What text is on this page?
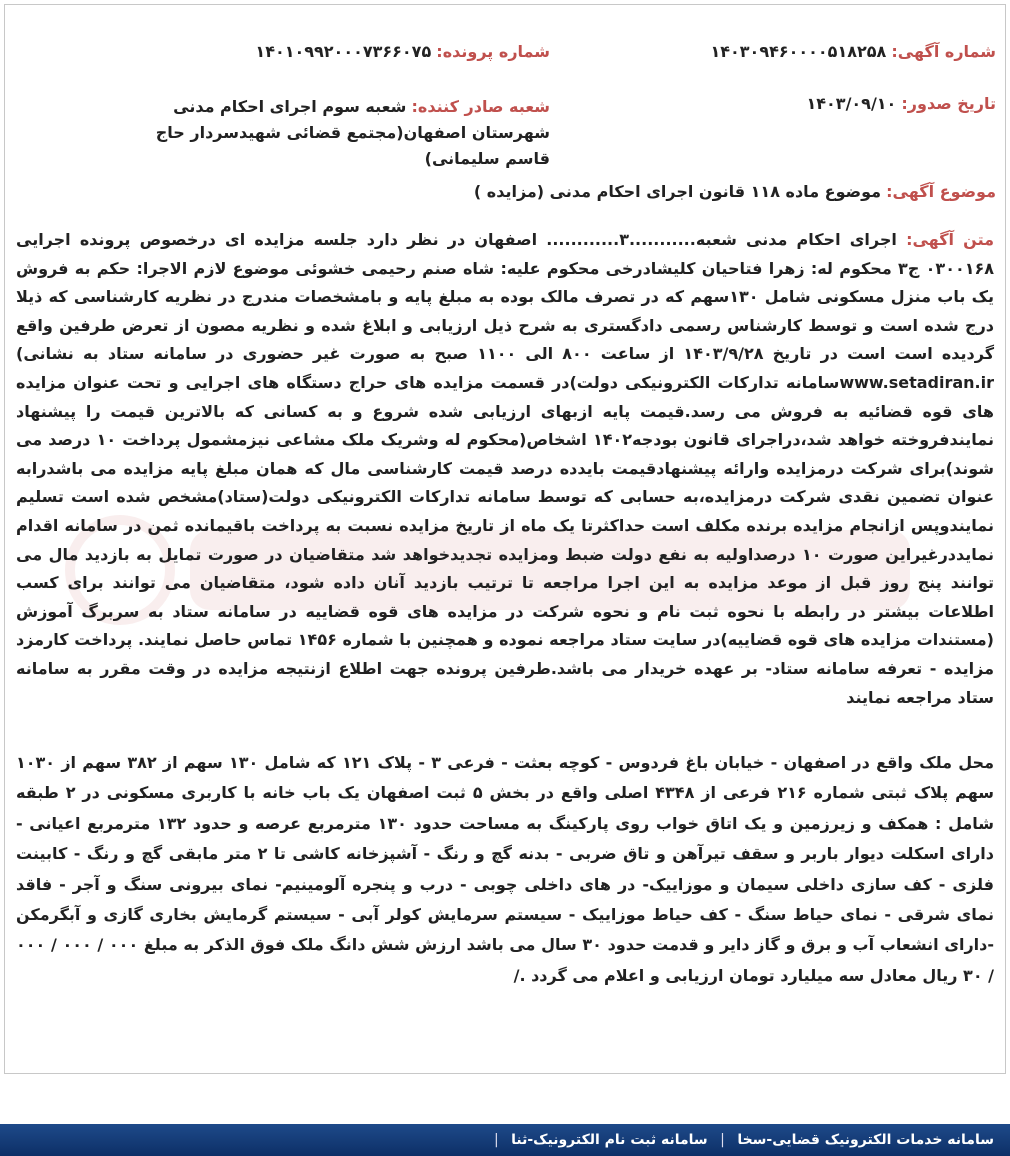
شماره آگهی: ۱۴۰۳۰۹۴۶۰۰۰۰۵۱۸۲۵۸
شماره پرونده: ۱۴۰۱۰۹۹۲۰۰۰۷۳۶۶۰۷۵
تاریخ صدور: ۱۴۰۳/۰۹/۱۰
شعبه صادر کننده: شعبه سوم اجرای احکام مدنی شهرستان اصفهان(مجتمع قضائی شهیدسردار حاج قاسم سلیمانی)
موضوع آگهی: موضوع ماده ۱۱۸ قانون اجرای احکام مدنی (مزایده )
متن آگهی: اجرای احکام مدنی شعبه...........۳............ اصفهان در نظر دارد جلسه مزایده ای درخصوص پرونده اجرایی ۰۳۰۰۱۶۸ ج۳ محکوم له: زهرا فتاحیان کلیشادرخی محکوم علیه: شاه صنم رحیمی خشوئی موضوع لازم الاجرا: حکم به فروش یک باب منزل مسکونی شامل ۱۳۰سهم که در تصرف مالک بوده به مبلغ پایه و بامشخصات مندرج در نظریه کارشناسی که ذیلا درج شده است و توسط کارشناس رسمی دادگستری به شرح ذیل ارزیابی و ابلاغ شده و نظریه مصون از تعرض طرفین واقع گردیده است است در تاریخ ۱۴۰۳/۹/۲۸ از ساعت ۸۰۰ الی ۱۱۰۰ صبح به صورت غیر حضوری در سامانه ستاد به نشانی) www.setadiran.irسامانه تدارکات الکترونیکی دولت)در قسمت مزایده های حراج دستگاه های اجرایی و تحت عنوان مزایده های قوه قضائیه به فروش می رسد.قیمت پایه ازبهای ارزیابی شده شروع و به کسانی که بالاترین قیمت را پیشنهاد نمایندفروخته خواهد شد،دراجرای قانون بودجه۱۴۰۲ اشخاص(محکوم له وشریک ملک مشاعی نیزمشمول پرداخت ۱۰ درصد می شوند)برای شرکت درمزایده وارائه پیشنهادقیمت بایدده درصد قیمت کارشناسی مال که همان مبلغ پایه مزایده می باشدرابه عنوان تضمین نقدی شرکت درمزایده،به حسابی که توسط سامانه تدارکات الکترونیکی دولت(ستاد)مشخص شده است تسلیم نمایندوپس ازانجام مزایده برنده مکلف است حداکثرتا یک ماه از تاریخ مزایده نسبت به پرداخت باقیمانده ثمن در سامانه اقدام نمایددرغیراین صورت ۱۰ درصداولیه به نفع دولت ضبط ومزایده تجدیدخواهد شد متقاضیان در صورت تمایل به بازدید مال می توانند پنج روز قبل از موعد مزایده به این اجرا مراجعه تا ترتیب بازدید آنان داده شود، متقاضیان می توانند برای کسب اطلاعات بیشتر در رابطه با نحوه ثبت نام و نحوه شرکت در مزایده های قوه قضاییه در سامانه ستاد به سربرگ آموزش (مستندات مزایده های قوه قضاییه)در سایت ستاد مراجعه نموده و همچنین با شماره ۱۴۵۶ تماس حاصل نمایند. پرداخت کارمزد مزایده - تعرفه سامانه ستاد- بر عهده خریدار می باشد.طرفین پرونده جهت اطلاع ازنتیجه مزایده در وقت مقرر به سامانه ستاد مراجعه نمایند
محل ملک واقع در اصفهان - خیابان باغ فردوس - کوچه بعثت - فرعی ۳ - پلاک ۱۲۱ که شامل ۱۳۰ سهم از ۳۸۲ سهم از ۱۰۳۰ سهم پلاک ثبتی شماره ۲۱۶ فرعی از ۴۳۴۸ اصلی واقع در بخش ۵ ثبت اصفهان یک باب خانه با کاربری مسکونی در ۲ طبقه شامل : همکف و زیرزمین و یک اتاق خواب روی پارکینگ به مساحت حدود ۱۳۰ مترمربع عرصه و حدود ۱۳۲ مترمربع اعیانی - دارای اسکلت دیوار باربر و سقف تیرآهن و تاق ضربی - بدنه گچ و رنگ - آشپزخانه کاشی تا ۲ متر مابقی گچ و رنگ - کابینت فلزی - کف سازی داخلی سیمان و موزاییک- در های داخلی چوبی - درب و پنجره آلومینیم- نمای بیرونی سنگ و آجر - فاقد نمای شرقی - نمای حیاط سنگ - کف حیاط موزاییک - سیستم سرمایش کولر آبی - سیستم گرمایش بخاری گازی و آبگرمکن -دارای انشعاب آب و برق و گاز دایر و قدمت حدود ۳۰ سال می باشد ارزش شش دانگ ملک فوق الذکر به مبلغ ۰۰۰ / ۰۰۰ / ۰۰۰ / ۳۰ ریال معادل سه میلیارد تومان ارزیابی و اعلام می گردد ./
سامانه خدمات الکترونیک قضایی-سخا | سامانه ثبت نام الکترونیک-ثنا |
